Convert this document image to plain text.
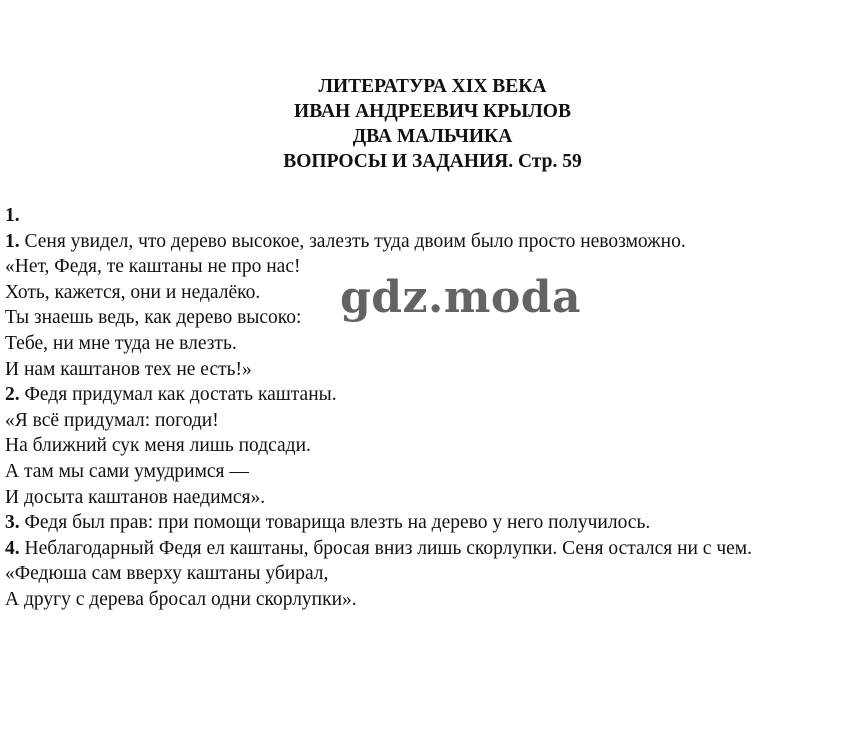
ЛИТЕРАТУРА XIX ВЕКА
ИВАН АНДРЕЕВИЧ КРЫЛОВ
ДВА МАЛЬЧИКА
ВОПРОСЫ И ЗАДАНИЯ. Стр. 59
1.
1. Сеня увидел, что дерево высокое, залезть туда двоим было просто невозможно.
«Нет, Федя, те каштаны не про нас!
Хоть, кажется, они и недалёко.
Ты знаешь ведь, как дерево высоко:
Тебе, ни мне туда не влезть.
И нам каштанов тех не есть!»
2. Федя придумал как достать каштаны.
«Я всё придумал: погоди!
На ближний сук меня лишь подсади.
А там мы сами умудримся —
И досыта каштанов наедимся».
3. Федя был прав: при помощи товарища влезть на дерево у него получилось.
4. Неблагодарный Федя ел каштаны, бросая вниз лишь скорлупки. Сеня остался ни с чем.
«Федюша сам вверху каштаны убирал,
А другу с дерева бросал одни скорлупки».
gdz.moda
